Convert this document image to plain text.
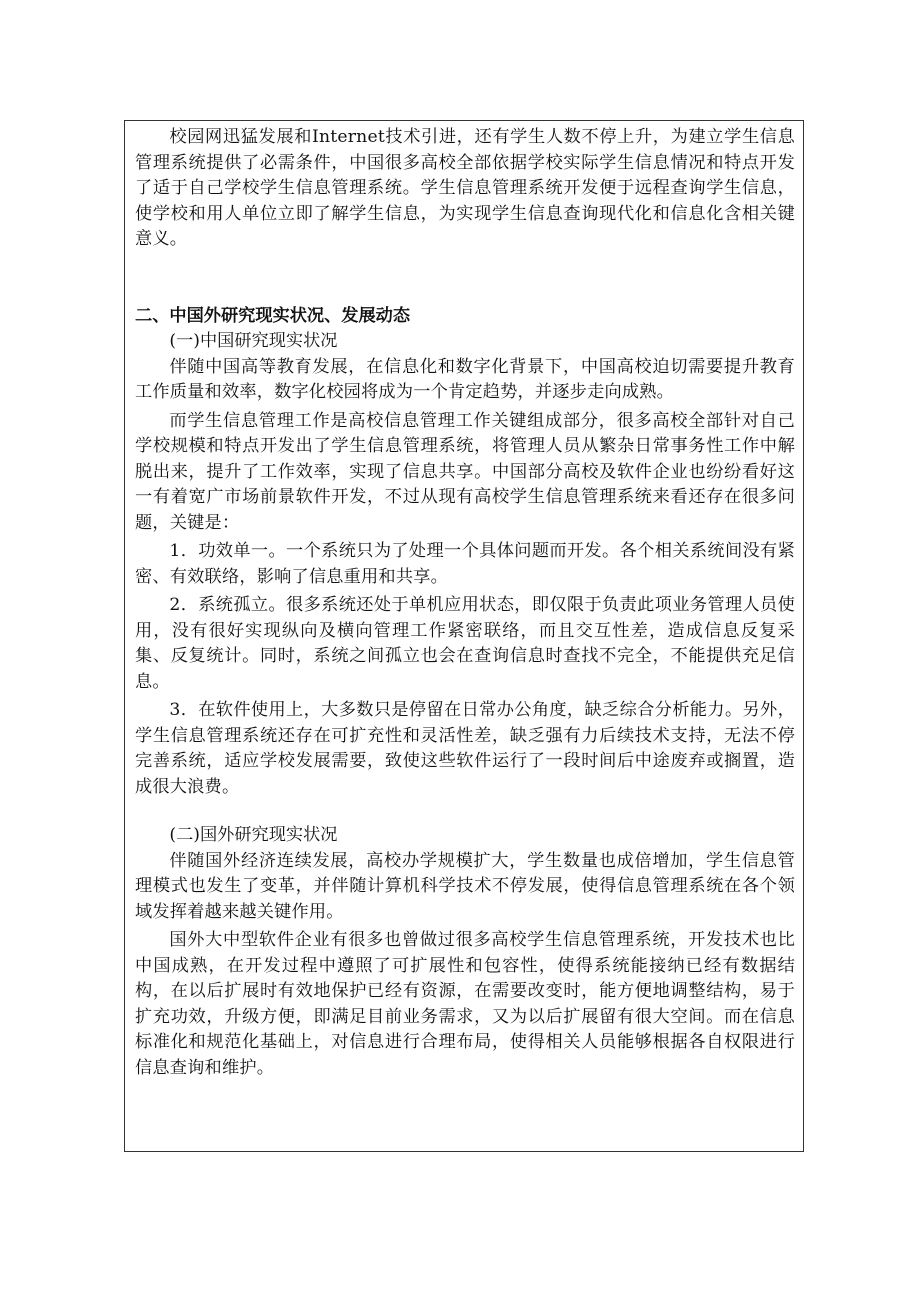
校园网迅猛发展和Internet技术引进，还有学生人数不停上升，为建立学生信息管理系统提供了必需条件，中国很多高校全部依据学校实际学生信息情况和特点开发了适于自己学校学生信息管理系统。学生信息管理系统开发便于远程查询学生信息，使学校和用人单位立即了解学生信息，为实现学生信息查询现代化和信息化含相关键意义。

二、中国外研究现实状况、发展动态

(一)中国研究现实状况

伴随中国高等教育发展，在信息化和数字化背景下，中国高校迫切需要提升教育工作质量和效率，数字化校园将成为一个肯定趋势，并逐步走向成熟。

而学生信息管理工作是高校信息管理工作关键组成部分，很多高校全部针对自己学校规模和特点开发出了学生信息管理系统，将管理人员从繁杂日常事务性工作中解脱出来，提升了工作效率，实现了信息共享。中国部分高校及软件企业也纷纷看好这一有着宽广市场前景软件开发，不过从现有高校学生信息管理系统来看还存在很多问题，关键是：

1．功效单一。一个系统只为了处理一个具体问题而开发。各个相关系统间没有紧密、有效联络，影响了信息重用和共享。

2．系统孤立。很多系统还处于单机应用状态，即仅限于负责此项业务管理人员使用，没有很好实现纵向及横向管理工作紧密联络，而且交互性差，造成信息反复采集、反复统计。同时，系统之间孤立也会在查询信息时查找不完全，不能提供充足信息。

3．在软件使用上，大多数只是停留在日常办公角度，缺乏综合分析能力。另外，学生信息管理系统还存在可扩充性和灵活性差，缺乏强有力后续技术支持，无法不停完善系统，适应学校发展需要，致使这些软件运行了一段时间后中途废弃或搁置，造成很大浪费。

(二)国外研究现实状况

伴随国外经济连续发展，高校办学规模扩大，学生数量也成倍增加，学生信息管理模式也发生了变革，并伴随计算机科学技术不停发展，使得信息管理系统在各个领域发挥着越来越关键作用。

国外大中型软件企业有很多也曾做过很多高校学生信息管理系统，开发技术也比中国成熟，在开发过程中遵照了可扩展性和包容性，使得系统能接纳已经有数据结构，在以后扩展时有效地保护已经有资源，在需要改变时，能方便地调整结构，易于扩充功效，升级方便，即满足目前业务需求，又为以后扩展留有很大空间。而在信息标准化和规范化基础上，对信息进行合理布局，使得相关人员能够根据各自权限进行信息查询和维护。
